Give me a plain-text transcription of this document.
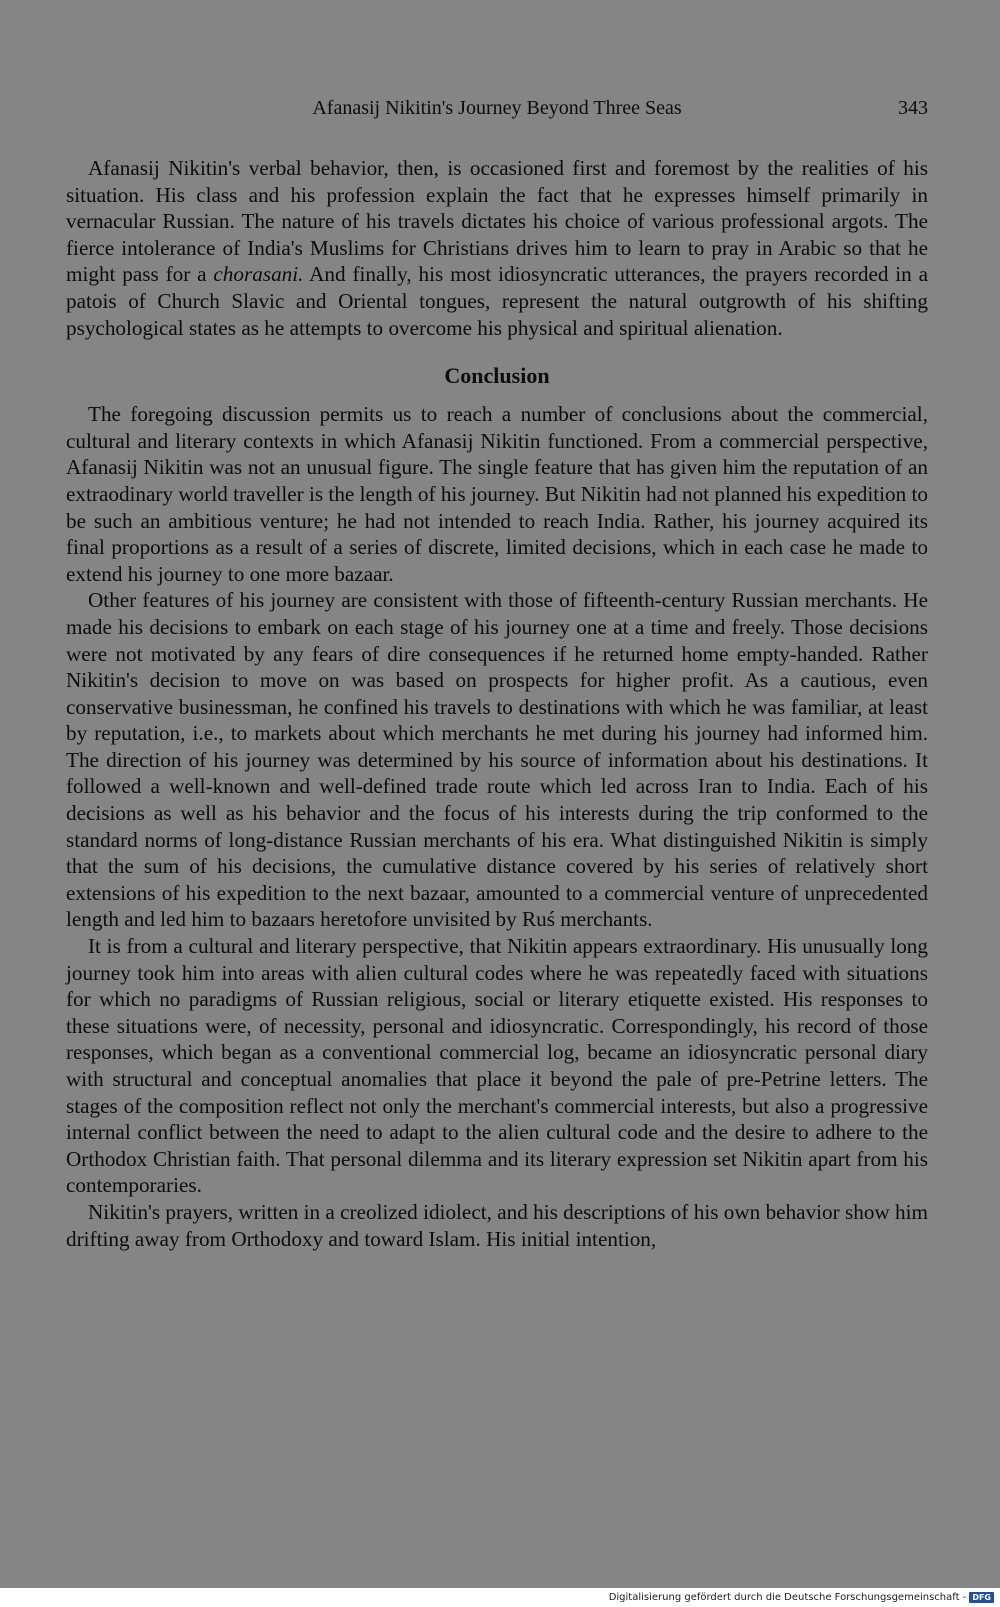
Afanasij Nikitin's Journey Beyond Three Seas	343

Afanasij Nikitin's verbal behavior, then, is occasioned first and foremost by the realities of his situation. His class and his profession explain the fact that he expresses himself primarily in vernacular Russian. The nature of his travels dictates his choice of various professional argots. The fierce intolerance of India's Muslims for Christians drives him to learn to pray in Arabic so that he might pass for a chorasani. And finally, his most idiosyncratic utterances, the prayers recorded in a patois of Church Slavic and Oriental tongues, represent the natural outgrowth of his shifting psychological states as he attempts to overcome his physical and spiritual alienation.

Conclusion

The foregoing discussion permits us to reach a number of conclusions about the commercial, cultural and literary contexts in which Afanasij Nikitin functioned. From a commercial perspective, Afanasij Nikitin was not an unusual figure. The single feature that has given him the reputation of an extraodinary world traveller is the length of his journey. But Nikitin had not planned his expedition to be such an ambitious venture; he had not intended to reach India. Rather, his journey acquired its final proportions as a result of a series of discrete, limited decisions, which in each case he made to extend his journey to one more bazaar.

Other features of his journey are consistent with those of fifteenth-century Russian merchants. He made his decisions to embark on each stage of his journey one at a time and freely. Those decisions were not motivated by any fears of dire consequences if he returned home empty-handed. Rather Nikitin's decision to move on was based on prospects for higher profit. As a cautious, even conservative businessman, he confined his travels to destinations with which he was familiar, at least by reputation, i.e., to markets about which merchants he met during his journey had informed him. The direction of his journey was determined by his source of information about his destinations. It followed a well-known and well-defined trade route which led across Iran to India. Each of his decisions as well as his behavior and the focus of his interests during the trip conformed to the standard norms of long-distance Russian merchants of his era. What distinguished Nikitin is simply that the sum of his decisions, the cumulative distance covered by his series of relatively short extensions of his expedition to the next bazaar, amounted to a commercial venture of unprecedented length and led him to bazaars heretofore unvisited by Ruś merchants.

It is from a cultural and literary perspective, that Nikitin appears extraordinary. His unusually long journey took him into areas with alien cultural codes where he was repeatedly faced with situations for which no paradigms of Russian religious, social or literary etiquette existed. His responses to these situations were, of necessity, personal and idiosyncratic. Correspondingly, his record of those responses, which began as a conventional commercial log, became an idiosyncratic personal diary with structural and conceptual anomalies that place it beyond the pale of pre-Petrine letters. The stages of the composition reflect not only the merchant's commercial interests, but also a progressive internal conflict between the need to adapt to the alien cultural code and the desire to adhere to the Orthodox Christian faith. That personal dilemma and its literary expression set Nikitin apart from his contemporaries.

Nikitin's prayers, written in a creolized idiolect, and his descriptions of his own behavior show him drifting away from Orthodoxy and toward Islam. His initial intention,

Digitalisierung gefördert durch die Deutsche Forschungsgemeinschaft - DFG
